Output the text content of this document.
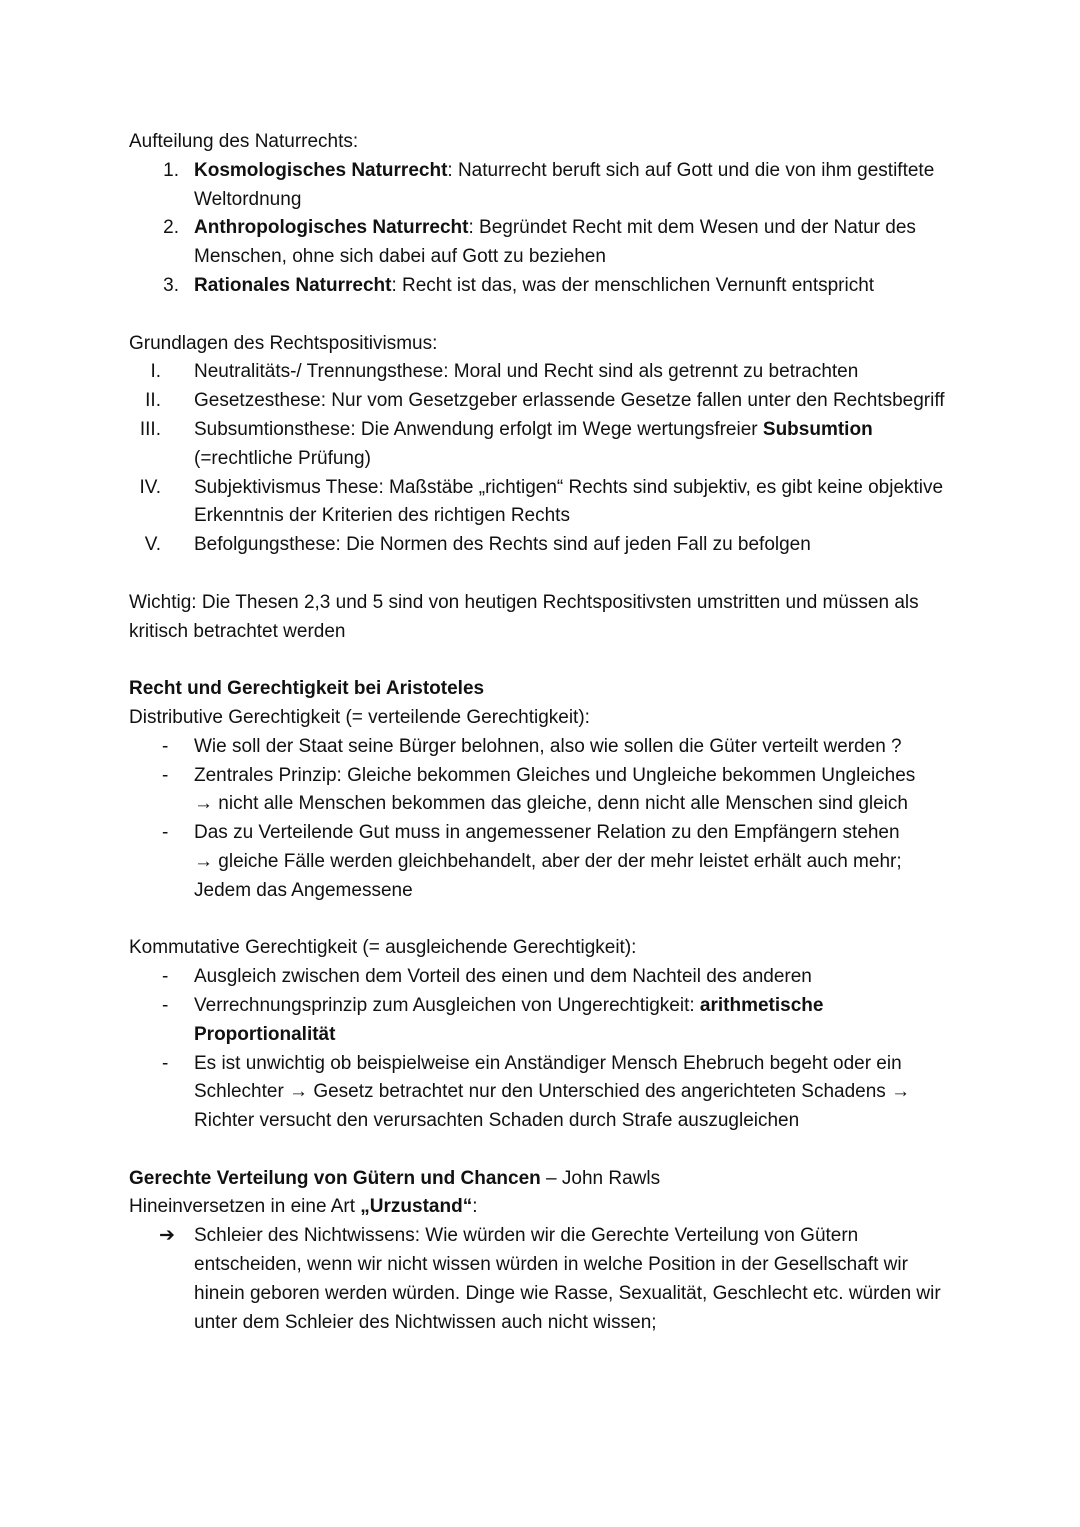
Aufteilung des Naturrechts:

1. Kosmologisches Naturrecht: Naturrecht beruft sich auf Gott und die von ihm gestiftete Weltordnung
2. Anthropologisches Naturrecht: Begründet Recht mit dem Wesen und der Natur des Menschen, ohne sich dabei auf Gott zu beziehen
3. Rationales Naturrecht: Recht ist das, was der menschlichen Vernunft entspricht

Grundlagen des Rechtspositivismus:

I. Neutralitäts-/ Trennungsthese: Moral und Recht sind als getrennt zu betrachten
II. Gesetzesthese: Nur vom Gesetzgeber erlassende Gesetze fallen unter den Rechtsbegriff
III. Subsumtionsthese: Die Anwendung erfolgt im Wege wertungsfreier Subsumtion (=rechtliche Prüfung)
IV. Subjektivismus These: Maßstäbe „richtigen“ Rechts sind subjektiv, es gibt keine objektive Erkenntnis der Kriterien des richtigen Rechts
V. Befolgungsthese: Die Normen des Rechts sind auf jeden Fall zu befolgen

Wichtig: Die Thesen 2,3 und 5 sind von heutigen Rechtspositivsten umstritten und müssen als kritisch betrachtet werden

Recht und Gerechtigkeit bei Aristoteles

Distributive Gerechtigkeit (= verteilende Gerechtigkeit):

- Wie soll der Staat seine Bürger belohnen, also wie sollen die Güter verteilt werden ?
- Zentrales Prinzip: Gleiche bekommen Gleiches und Ungleiche bekommen Ungleiches
→ nicht alle Menschen bekommen das gleiche, denn nicht alle Menschen sind gleich
- Das zu Verteilende Gut muss in angemessener Relation zu den Empfängern stehen
→ gleiche Fälle werden gleichbehandelt, aber der der mehr leistet erhält auch mehr; Jedem das Angemessene

Kommutative Gerechtigkeit (= ausgleichende Gerechtigkeit):

- Ausgleich zwischen dem Vorteil des einen und dem Nachteil des anderen
- Verrechnungsprinzip zum Ausgleichen von Ungerechtigkeit: arithmetische Proportionalität
- Es ist unwichtig ob beispielweise ein Anständiger Mensch Ehebruch begeht oder ein Schlechter → Gesetz betrachtet nur den Unterschied des angerichteten Schadens → Richter versucht den verursachten Schaden durch Strafe auszugleichen

Gerechte Verteilung von Gütern und Chancen – John Rawls

Hineinversetzen in eine Art „Urzustand“:

➔	Schleier des Nichtwissens: Wie würden wir die Gerechte Verteilung von Gütern entscheiden, wenn wir nicht wissen würden in welche Position in der Gesellschaft wir hinein geboren werden würden. Dinge wie Rasse, Sexualität, Geschlecht etc. würden wir unter dem Schleier des Nichtwissen auch nicht wissen;
